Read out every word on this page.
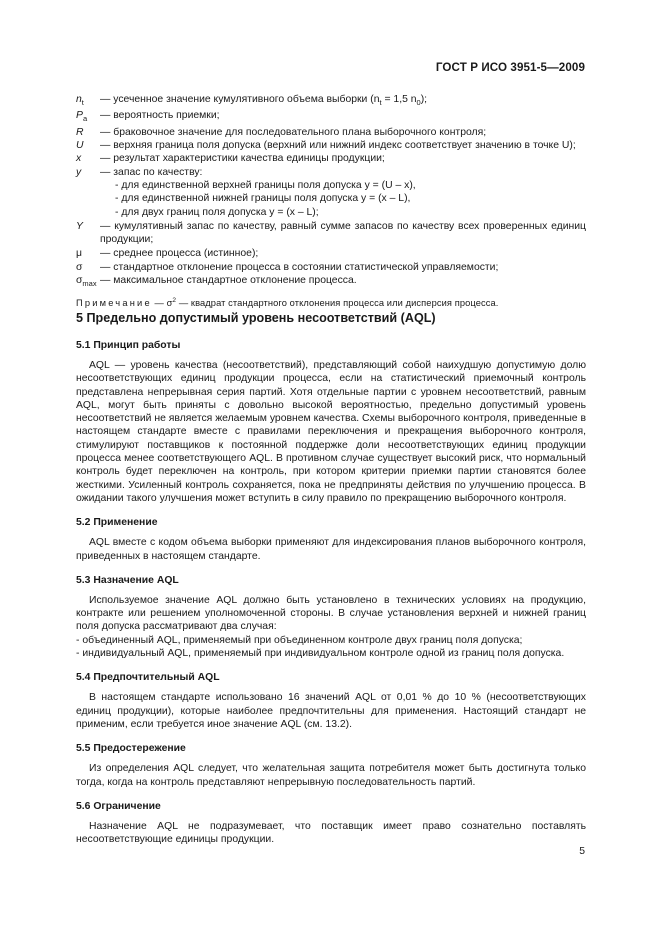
ГОСТ Р ИСО 3951-5—2009
$n_t$	— усеченное значение кумулятивного объема выборки ($n_t = 1,5$ $n_0$);
$P_a$	— вероятность приемки;
R	— браковочное значение для последовательного плана выборочного контроля;
U	— верхняя граница поля допуска (верхний или нижний индекс соответствует значению в точке U);
x	— результат характеристики качества единицы продукции;
y	— запас по качеству:
- для единственной верхней границы поля допуска y = (U – x),
- для единственной нижней границы поля допуска y = (x – L),
- для двух границ поля допуска y = (x – L);
Y	— кумулятивный запас по качеству, равный сумме запасов по качеству всех проверенных единиц продукции;
μ	— среднее процесса (истинное);
σ	— стандартное отклонение процесса в состоянии статистической управляемости;
$\sigma_{max}$ — максимальное стандартное отклонение процесса.
Примечание — $\sigma^2$ — квадрат стандартного отклонения процесса или дисперсия процесса.
5 Предельно допустимый уровень несоответствий (AQL)
5.1 Принцип работы

AQL — уровень качества (несоответствий), представляющий собой наихудшую допустимую долю несоответствующих единиц продукции процесса, если на статистический приемочный контроль представлена непрерывная серия партий. Хотя отдельные партии с уровнем несоответствий, равным AQL, могут быть приняты с довольно высокой вероятностью, предельно допустимый уровень несоответствий не является желаемым уровнем качества. Схемы выборочного контроля, приведенные в настоящем стандарте вместе с правилами переключения и прекращения выборочного контроля, стимулируют поставщиков к постоянной поддержке доли несоответствующих единиц продукции процесса менее соответствующего AQL. В противном случае существует высокий риск, что нормальный контроль будет переключен на контроль, при котором критерии приемки партии становятся более жесткими. Усиленный контроль сохраняется, пока не предприняты действия по улучшению процесса. В ожидании такого улучшения может вступить в силу правило по прекращению выборочного контроля.

5.2 Применение

AQL вместе с кодом объема выборки применяют для индексирования планов выборочного контроля, приведенных в настоящем стандарте.

5.3 Назначение AQL

Используемое значение AQL должно быть установлено в технических условиях на продукцию, контракте или решением уполномоченной стороны. В случае установления верхней и нижней границ поля допуска рассматривают два случая:

- объединенный AQL, применяемый при объединенном контроле двух границ поля допуска;

- индивидуальный AQL, применяемый при индивидуальном контроле одной из границ поля допуска.

5.4 Предпочтительный AQL

В настоящем стандарте использовано 16 значений AQL от 0,01 % до 10 % (несоответствующих единиц продукции), которые наиболее предпочтительны для применения. Настоящий стандарт не применим, если требуется иное значение AQL (см. 13.2).

5.5 Предостережение

Из определения AQL следует, что желательная защита потребителя может быть достигнута только тогда, когда на контроль представляют непрерывную последовательность партий.

5.6 Ограничение

Назначение AQL не подразумевает, что поставщик имеет право сознательно поставлять несоответствующие единицы продукции.

5
